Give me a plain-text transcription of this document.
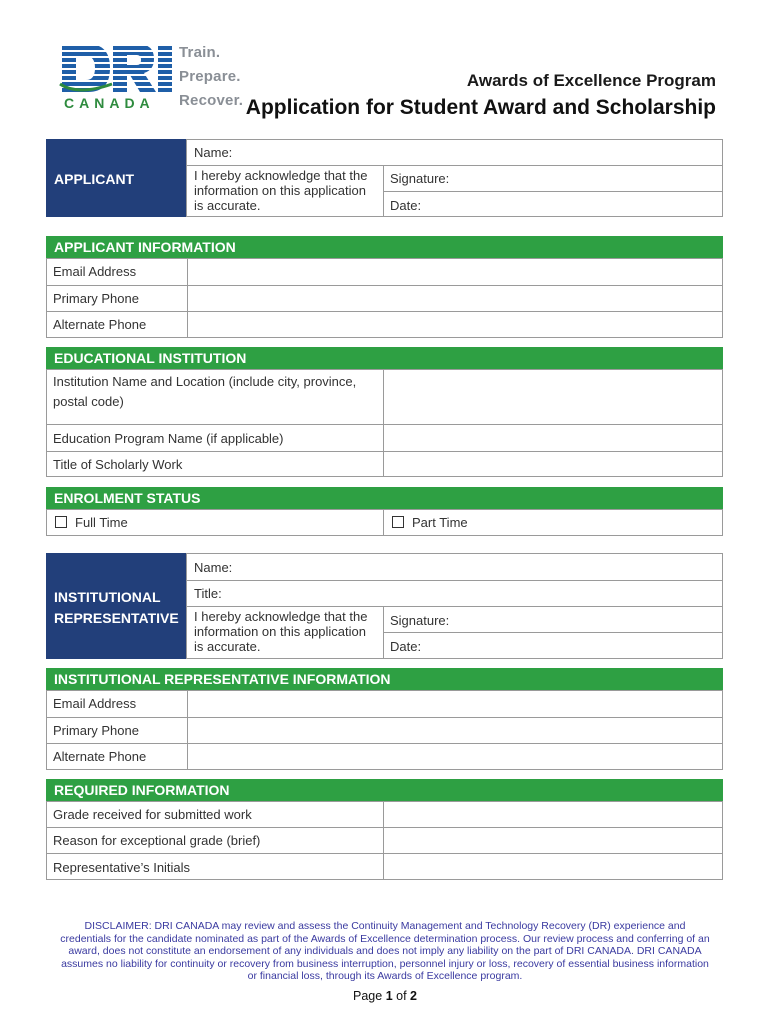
CANADA
Train.
Prepare.
Recover.
Awards of Excellence Program
Application for Student Award and Scholarship
APPLICANT
Name:
I hereby acknowledge that the information on this application is accurate.
Signature:
Date:
APPLICANT INFORMATION
Email Address
Primary Phone
Alternate Phone
EDUCATIONAL INSTITUTION
Institution Name and Location (include city, province, postal code)
Education Program Name (if applicable)
Title of Scholarly Work
ENROLMENT STATUS
Full Time	Part Time
INSTITUTIONAL REPRESENTATIVE
Name:
Title:
I hereby acknowledge that the information on this application is accurate.
Signature:
Date:
INSTITUTIONAL REPRESENTATIVE INFORMATION
Email Address
Primary Phone
Alternate Phone
REQUIRED INFORMATION
Grade received for submitted work
Reason for exceptional grade (brief)
Representative’s Initials
DISCLAIMER: DRI CANADA may review and assess the Continuity Management and Technology Recovery (DR) experience and credentials for the candidate nominated as part of the Awards of Excellence determination process. Our review process and conferring of an award, does not constitute an endorsement of any individuals and does not imply any liability on the part of DRI CANADA. DRI CANADA assumes no liability for continuity or recovery from business interruption, personnel injury or loss, recovery of essential business information or financial loss, through its Awards of Excellence program.
Page 1 of 2
